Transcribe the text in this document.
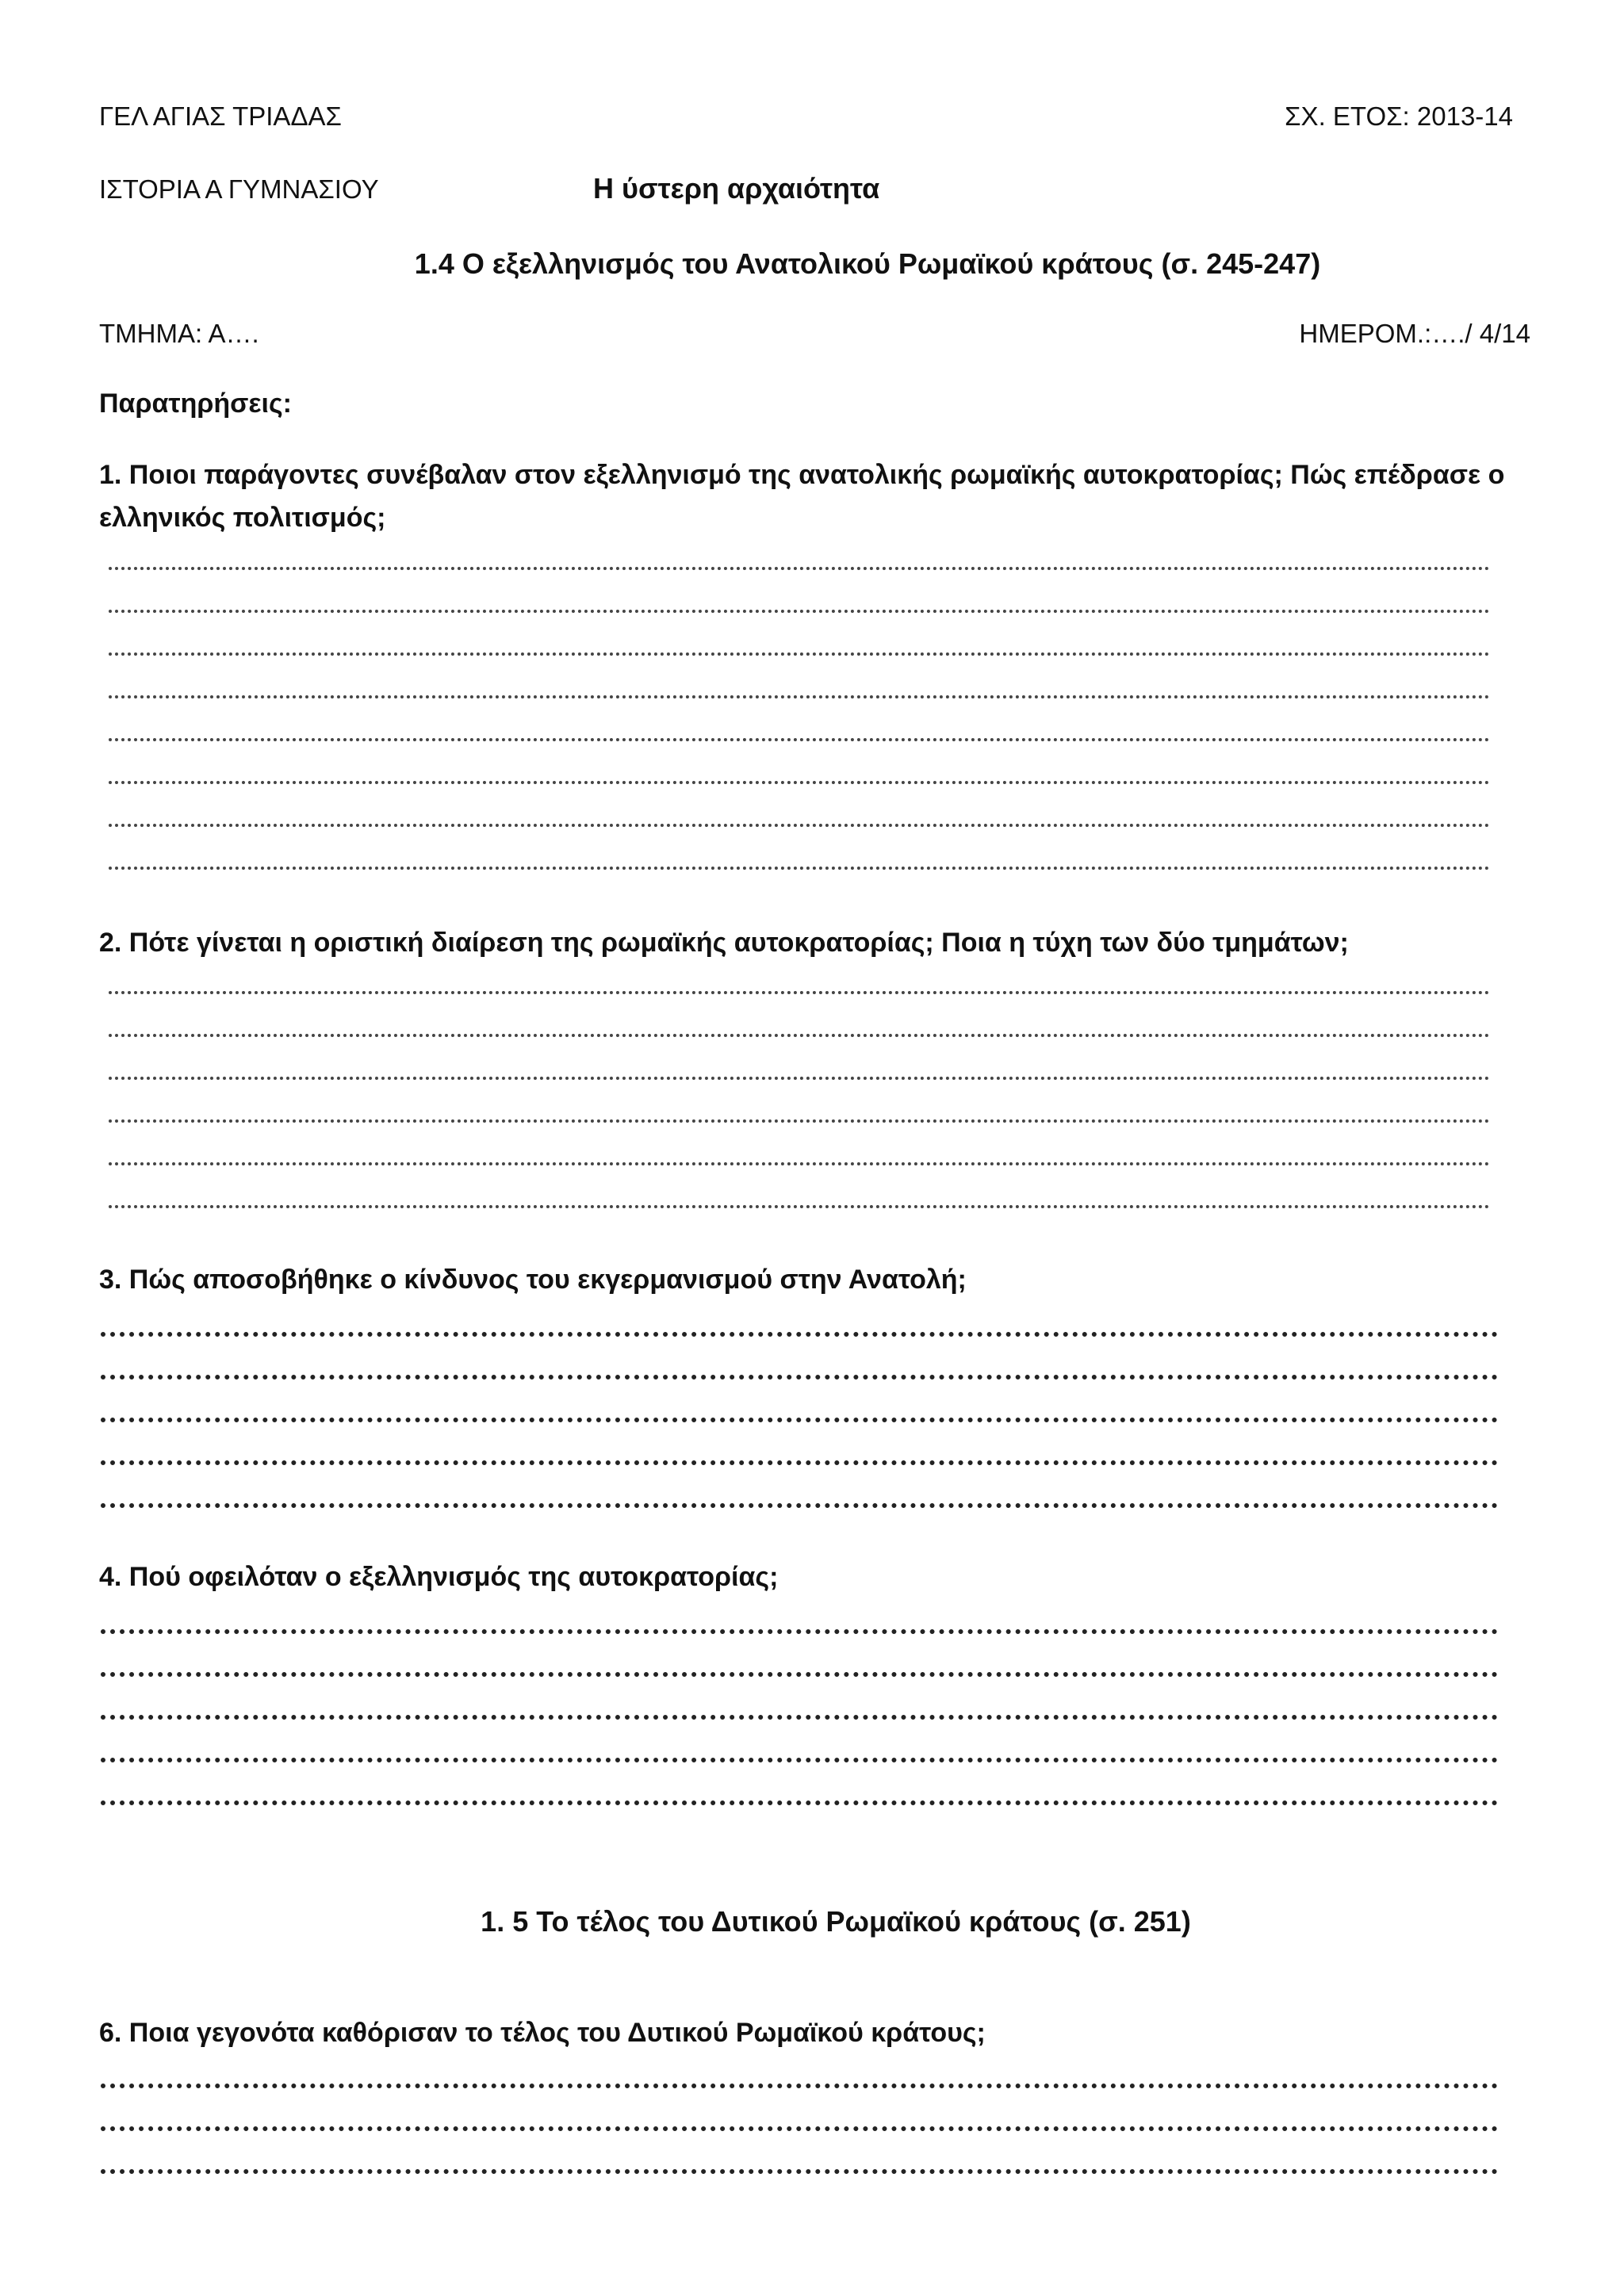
ΓΕΛ ΑΓΙΑΣ ΤΡΙΑΔΑΣ	ΣΧ. ΕΤΟΣ: 2013-14
ΙΣΤΟΡΙΑ Α ΓΥΜΝΑΣΙΟΥ	Η ύστερη αρχαιότητα
1.4 Ο εξελληνισμός του Ανατολικού Ρωμαϊκού κράτους (σ. 245-247)
ΤΜΗΜΑ: Α….	ΗΜΕΡΟΜ.:…./ 4/14
Παρατηρήσεις:
1. Ποιοι παράγοντες συνέβαλαν στον εξελληνισμό της ανατολικής ρωμαϊκής αυτοκρατορίας; Πώς επέδρασε ο
ελληνικός πολιτισμός;
2. Πότε γίνεται η οριστική διαίρεση της ρωμαϊκής αυτοκρατορίας; Ποια η τύχη των δύο τμημάτων;
3. Πώς αποσοβήθηκε ο κίνδυνος του εκγερμανισμού στην Ανατολή;
4. Πού οφειλόταν ο εξελληνισμός της αυτοκρατορίας;
1. 5 Το τέλος του Δυτικού Ρωμαϊκού κράτους (σ. 251)
6. Ποια γεγονότα καθόρισαν το τέλος του Δυτικού Ρωμαϊκού κράτους;
